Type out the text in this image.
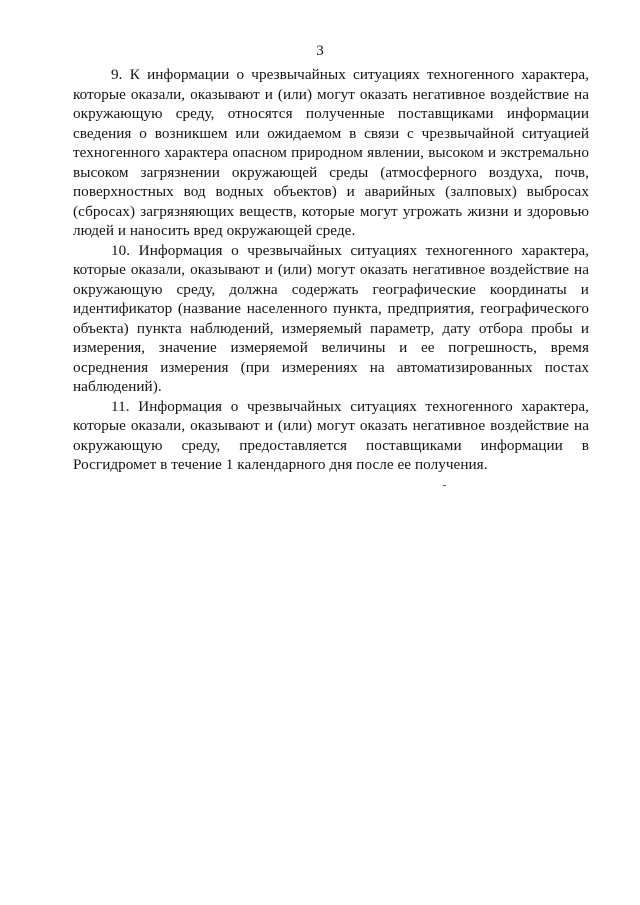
3

9. К информации о чрезвычайных ситуациях техногенного характера, которые оказали, оказывают и (или) могут оказать негативное воздействие на окружающую среду, относятся полученные поставщиками информации сведения о возникшем или ожидаемом в связи с чрезвычайной ситуацией техногенного характера опасном природном явлении, высоком и экстремально высоком загрязнении окружающей среды (атмосферного воздуха, почв, поверхностных вод водных объектов) и аварийных (залповых) выбросах (сбросах) загрязняющих веществ, которые могут угрожать жизни и здоровью людей и наносить вред окружающей среде.

10. Информация о чрезвычайных ситуациях техногенного характера, которые оказали, оказывают и (или) могут оказать негативное воздействие на окружающую среду, должна содержать географические координаты и идентификатор (название населенного пункта, предприятия, географического объекта) пункта наблюдений, измеряемый параметр, дату отбора пробы и измерения, значение измеряемой величины и ее погрешность, время осреднения измерения (при измерениях на автоматизированных постах наблюдений).

11. Информация о чрезвычайных ситуациях техногенного характера, которые оказали, оказывают и (или) могут оказать негативное воздействие на окружающую среду, предоставляется поставщиками информации в Росгидромет в течение 1 календарного дня после ее получения.
